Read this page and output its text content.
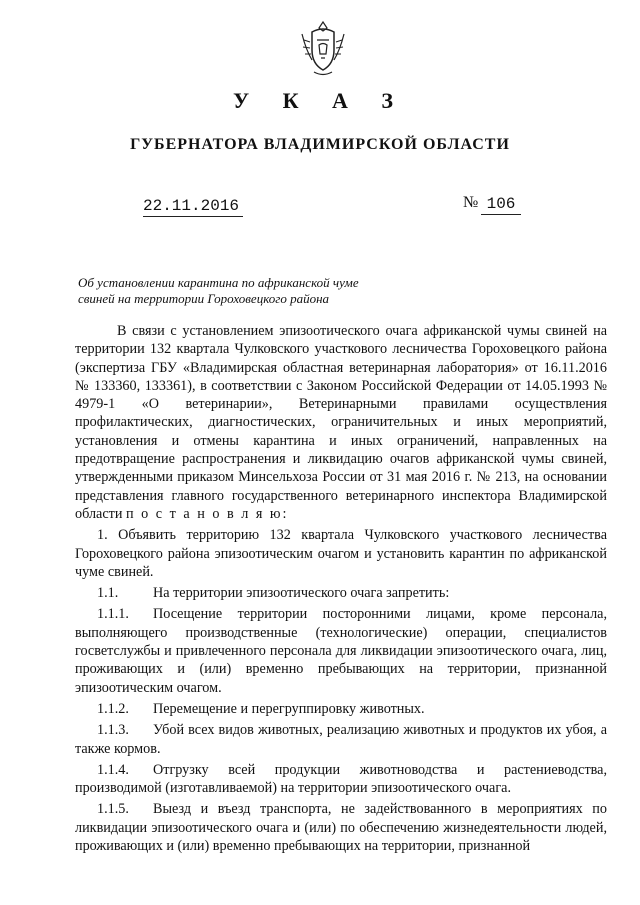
У К А З
ГУБЕРНАТОРА ВЛАДИМИРСКОЙ ОБЛАСТИ
22.11.2016	№ 106
Об установлении карантина по африканской чуме
свиней на территории Гороховецкого района

В связи с установлением эпизоотического очага африканской чумы свиней на территории 132 квартала Чулковского участкового лесничества Гороховецкого района (экспертиза ГБУ «Владимирская областная ветеринарная лаборатория» от 16.11.2016 № 133360, 133361), в соответствии с Законом Российской Федерации от 14.05.1993 № 4979-1 «О ветеринарии», Ветеринарными правилами осуществления профилактических, диагностических, ограничительных и иных мероприятий, установления и отмены карантина и иных ограничений, направленных на предотвращение распространения и ликвидацию очагов африканской чумы свиней, утвержденными приказом Минсельхоза России от 31 мая 2016 г. № 213, на основании представления главного государственного ветеринарного инспектора Владимирской области п о с т а н о в л я ю:

1. Объявить территорию 132 квартала Чулковского участкового лесничества Гороховецкого района эпизоотическим очагом и установить карантин по африканской чуме свиней.

1.1. На территории эпизоотического очага запретить:

1.1.1. Посещение территории посторонними лицами, кроме персонала, выполняющего производственные (технологические) операции, специалистов госветслужбы и привлеченного персонала для ликвидации эпизоотического очага, лиц, проживающих и (или) временно пребывающих на территории, признанной эпизоотическим очагом.

1.1.2. Перемещение и перегруппировку животных.

1.1.3. Убой всех видов животных, реализацию животных и продуктов их убоя, а также кормов.

1.1.4. Отгрузку всей продукции животноводства и растениеводства, производимой (изготавливаемой) на территории эпизоотического очага.

1.1.5. Выезд и въезд транспорта, не задействованного в мероприятиях по ликвидации эпизоотического очага и (или) по обеспечению жизнедеятельности людей, проживающих и (или) временно пребывающих на территории, признанной
